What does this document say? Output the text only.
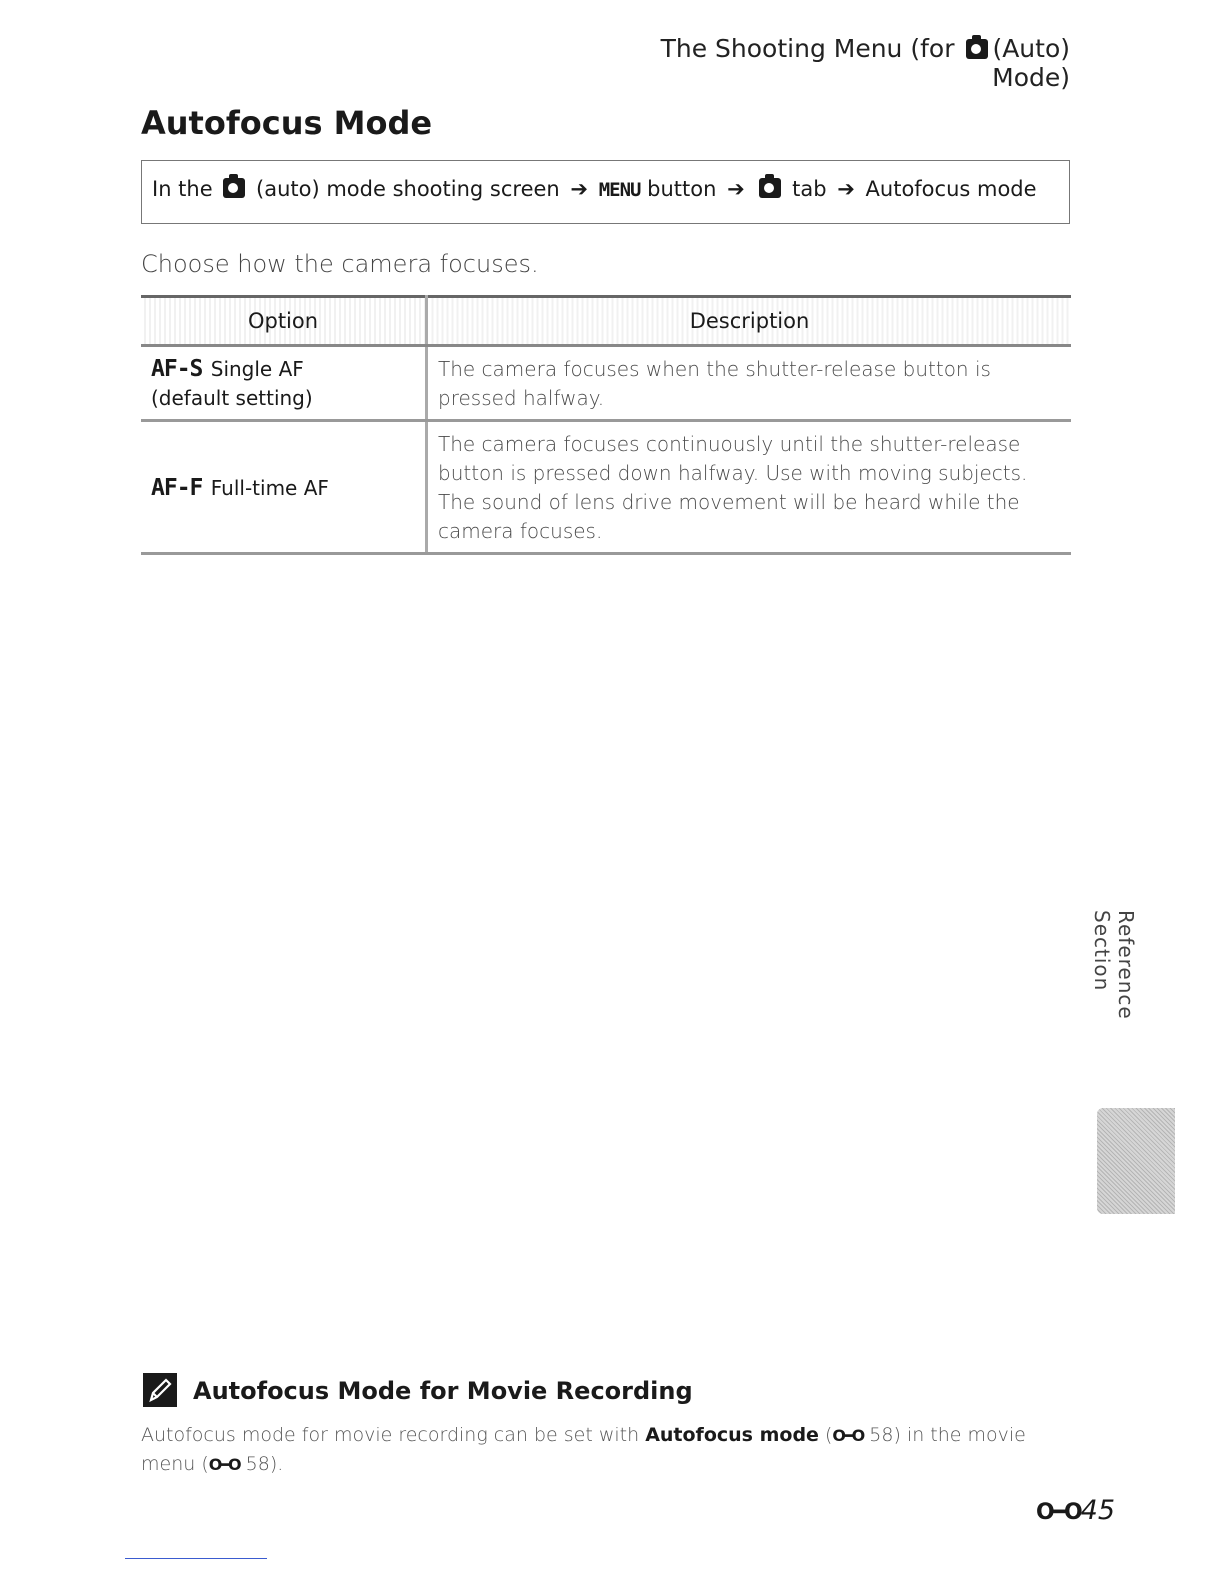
The Shooting Menu (for (Auto) Mode)
Autofocus Mode
In the (auto) mode shooting screen ➔ MENU button ➔ tab ➔ Autofocus mode
Choose how the camera focuses.
Option	Description
AF-S Single AF
(default setting)	The camera focuses when the shutter-release button is pressed halfway.
AF-F Full-time AF	The camera focuses continuously until the shutter-release button is pressed down halfway. Use with moving subjects. The sound of lens drive movement will be heard while the camera focuses.
Reference Section
Autofocus Mode for Movie Recording
Autofocus mode for movie recording can be set with Autofocus mode (O━O 58) in the movie menu (O━O 58).
O━O45
